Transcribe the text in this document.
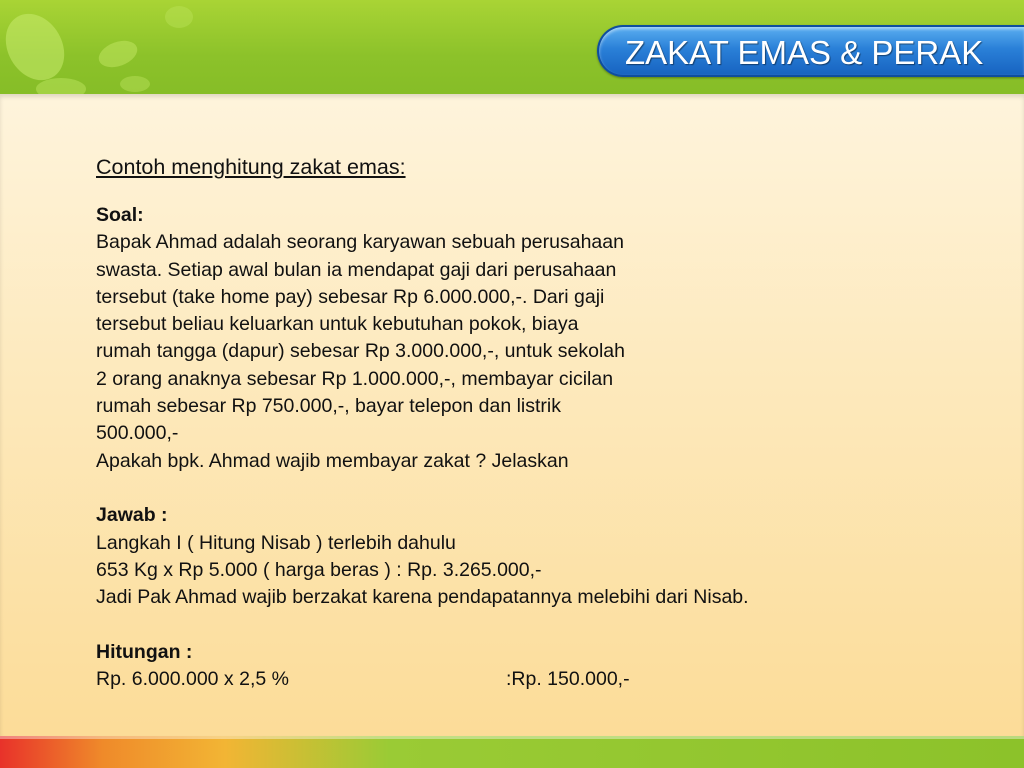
ZAKAT EMAS & PERAK
Contoh menghitung zakat emas:
Soal:
Bapak Ahmad adalah seorang karyawan sebuah perusahaan
swasta. Setiap awal bulan ia mendapat gaji dari perusahaan
tersebut (take home pay) sebesar Rp 6.000.000,-. Dari gaji
tersebut beliau keluarkan untuk kebutuhan pokok, biaya
rumah tangga (dapur) sebesar Rp 3.000.000,-, untuk sekolah
2 orang anaknya sebesar Rp 1.000.000,-, membayar cicilan
rumah sebesar Rp 750.000,-, bayar telepon dan listrik
500.000,-
Apakah bpk. Ahmad wajib membayar zakat ? Jelaskan
Jawab :
Langkah I ( Hitung Nisab ) terlebih dahulu
653 Kg x Rp 5.000 ( harga beras ) : Rp. 3.265.000,-
Jadi Pak Ahmad wajib berzakat karena pendapatannya melebihi dari Nisab.
Hitungan :
Rp. 6.000.000 x 2,5 %	:Rp. 150.000,-
